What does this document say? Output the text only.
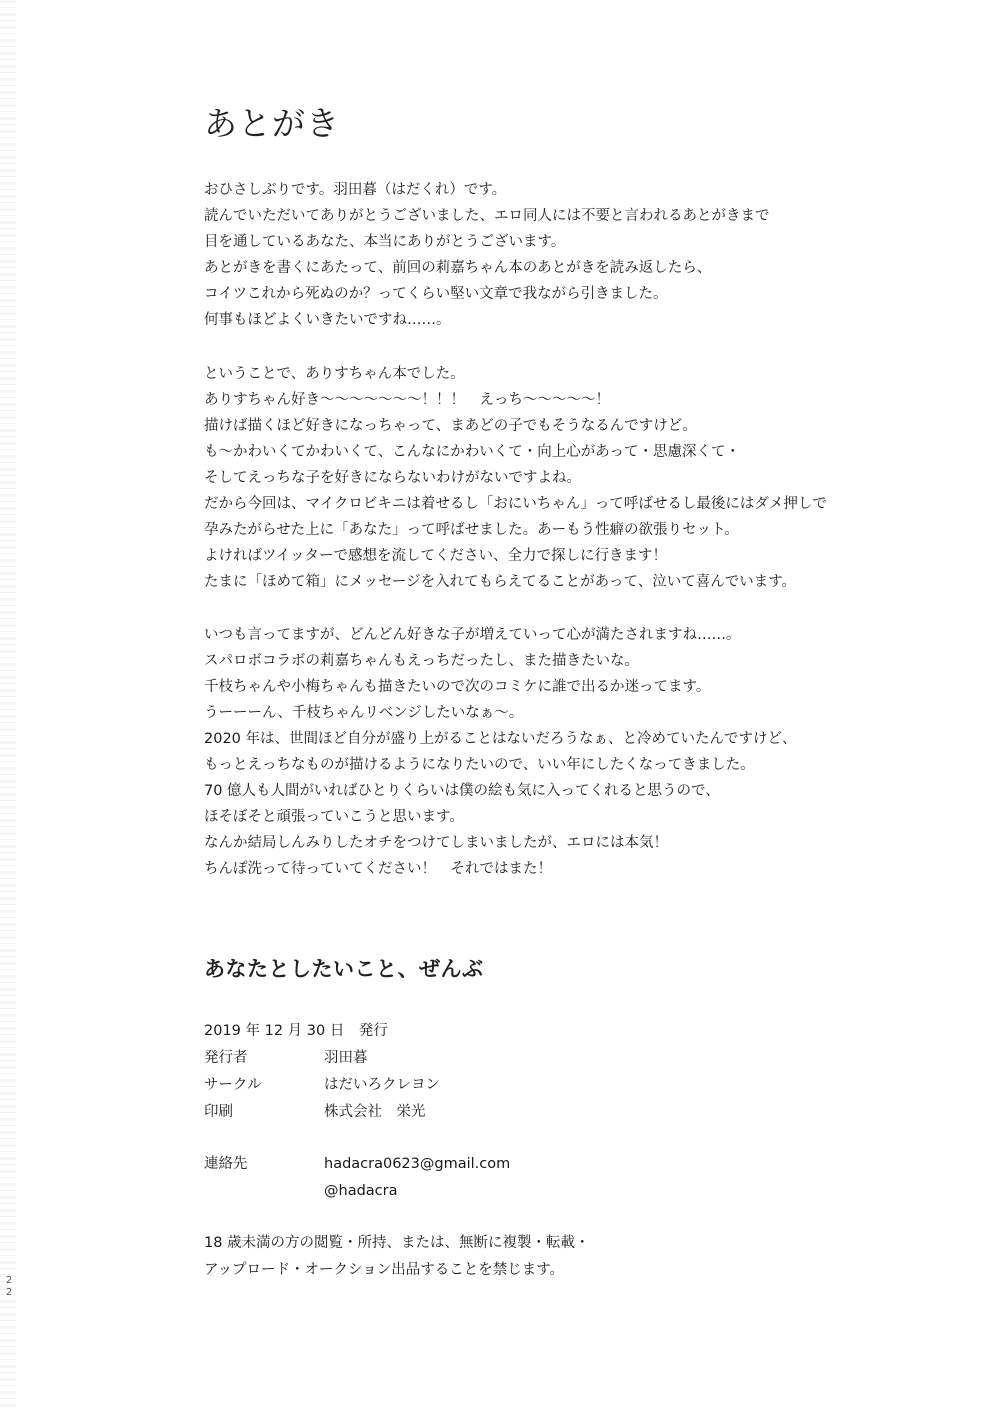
あとがき
おひさしぶりです。羽田暮（はだくれ）です。
読んでいただいてありがとうございました、エロ同人には不要と言われるあとがきまで
目を通しているあなた、本当にありがとうございます。
あとがきを書くにあたって、前回の莉嘉ちゃん本のあとがきを読み返したら、
コイツこれから死ぬのか？ってくらい堅い文章で我ながら引きました。
何事もほどよくいきたいですね……。
ということで、ありすちゃん本でした。
ありすちゃん好き〜〜〜〜〜〜〜！！！　えっち〜〜〜〜〜！
描けば描くほど好きになっちゃって、まあどの子でもそうなるんですけど。
も〜かわいくてかわいくて、こんなにかわいくて・向上心があって・思慮深くて・
そしてえっちな子を好きにならないわけがないですよね。
だから今回は、マイクロビキニは着せるし「おにいちゃん」って呼ばせるし最後にはダメ押しで
孕みたがらせた上に「あなた」って呼ばせました。あーもう性癖の欲張りセット。
よければツイッターで感想を流してください、全力で探しに行きます！
たまに「ほめて箱」にメッセージを入れてもらえてることがあって、泣いて喜んでいます。
いつも言ってますが、どんどん好きな子が増えていって心が満たされますね……。
スパロボコラボの莉嘉ちゃんもえっちだったし、また描きたいな。
千枝ちゃんや小梅ちゃんも描きたいので次のコミケに誰で出るか迷ってます。
うーーーん、千枝ちゃんリベンジしたいなぁ〜。
2020 年は、世間ほど自分が盛り上がることはないだろうなぁ、と冷めていたんですけど、
もっとえっちなものが描けるようになりたいので、いい年にしたくなってきました。
70 億人も人間がいればひとりくらいは僕の絵も気に入ってくれると思うので、
ほそぼそと頑張っていこうと思います。
なんか結局しんみりしたオチをつけてしまいましたが、エロには本気！
ちんぽ洗って待っていてください！　それではまた！
あなたとしたいこと、ぜんぶ
2019 年 12 月 30 日　発行
発行者	羽田暮
サークル	はだいろクレヨン
印刷	株式会社　栄光
連絡先	hadacra0623@gmail.com
@hadacra
18 歳未満の方の閲覧・所持、または、無断に複製・転載・
アップロード・オークション出品することを禁じます。
22
